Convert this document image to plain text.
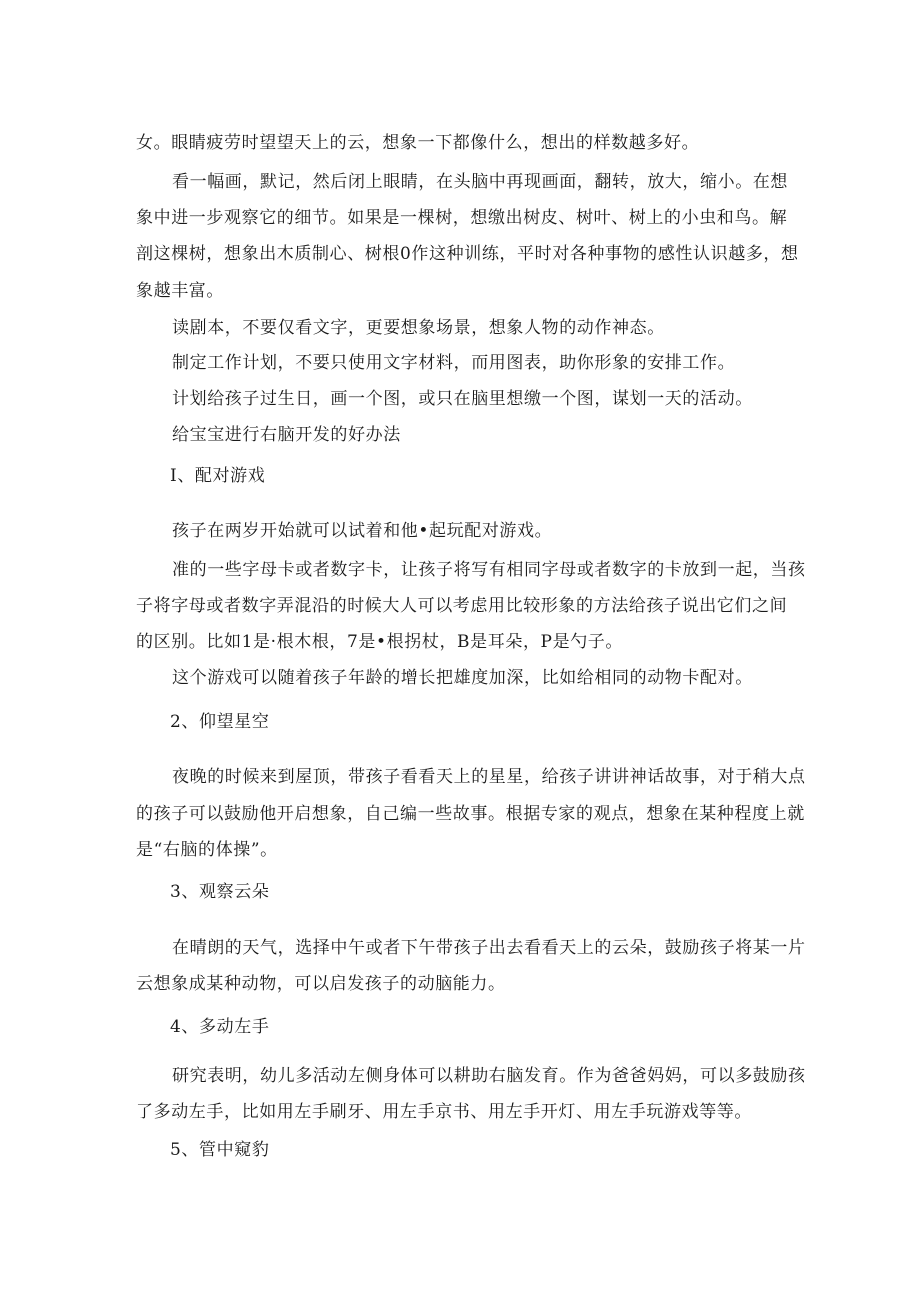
女。眼睛疲劳时望望天上的云，想象一下都像什么，想出的样数越多好。
看一幅画，默记，然后闭上眼睛，在头脑中再现画面，翻转，放大，缩小。在想
象中进一步观察它的细节。如果是一棵树，想缴出树皮、树叶、树上的小虫和鸟。解
剖这棵树，想象出木质制心、树根0作这种训练，平时对各种事物的感性认识越多，想
象越丰富。
读剧本，不要仅看文字，更要想象场景，想象人物的动作神态。
制定工作计划，不要只使用文字材料，而用图表，助你形象的安排工作。
计划给孩子过生日，画一个图，或只在脑里想缴一个图，谋划一天的活动。
给宝宝进行右脑开发的好办法
I、配对游戏
孩子在两岁开始就可以试着和他•起玩配对游戏。
准的一些字母卡或者数字卡，让孩子将写有相同字母或者数字的卡放到一起，当孩
子将字母或者数字弄混沿的时候大人可以考虑用比较形象的方法给孩子说出它们之间
的区别。比如1是·根木根，7是•根拐杖，B是耳朵，P是勺子。
这个游戏可以随着孩子年龄的增长把雄度加深，比如给相同的动物卡配对。
2、仰望星空
夜晚的时候来到屋顶，带孩子看看天上的星星，给孩子讲讲神话故事，对于稍大点
的孩子可以鼓励他开启想象，自己编一些故事。根据专家的观点，想象在某种程度上就
是“右脑的体操”。
3、观察云朵
在晴朗的天气，选择中午或者下午带孩子出去看看天上的云朵，鼓励孩子将某一片
云想象成某种动物，可以启发孩子的动脑能力。
4、多动左手
研究表明，幼儿多活动左侧身体可以耕助右脑发育。作为爸爸妈妈，可以多鼓励孩
了多动左手，比如用左手刷牙、用左手京书、用左手开灯、用左手玩游戏等等。
5、管中窥豹
